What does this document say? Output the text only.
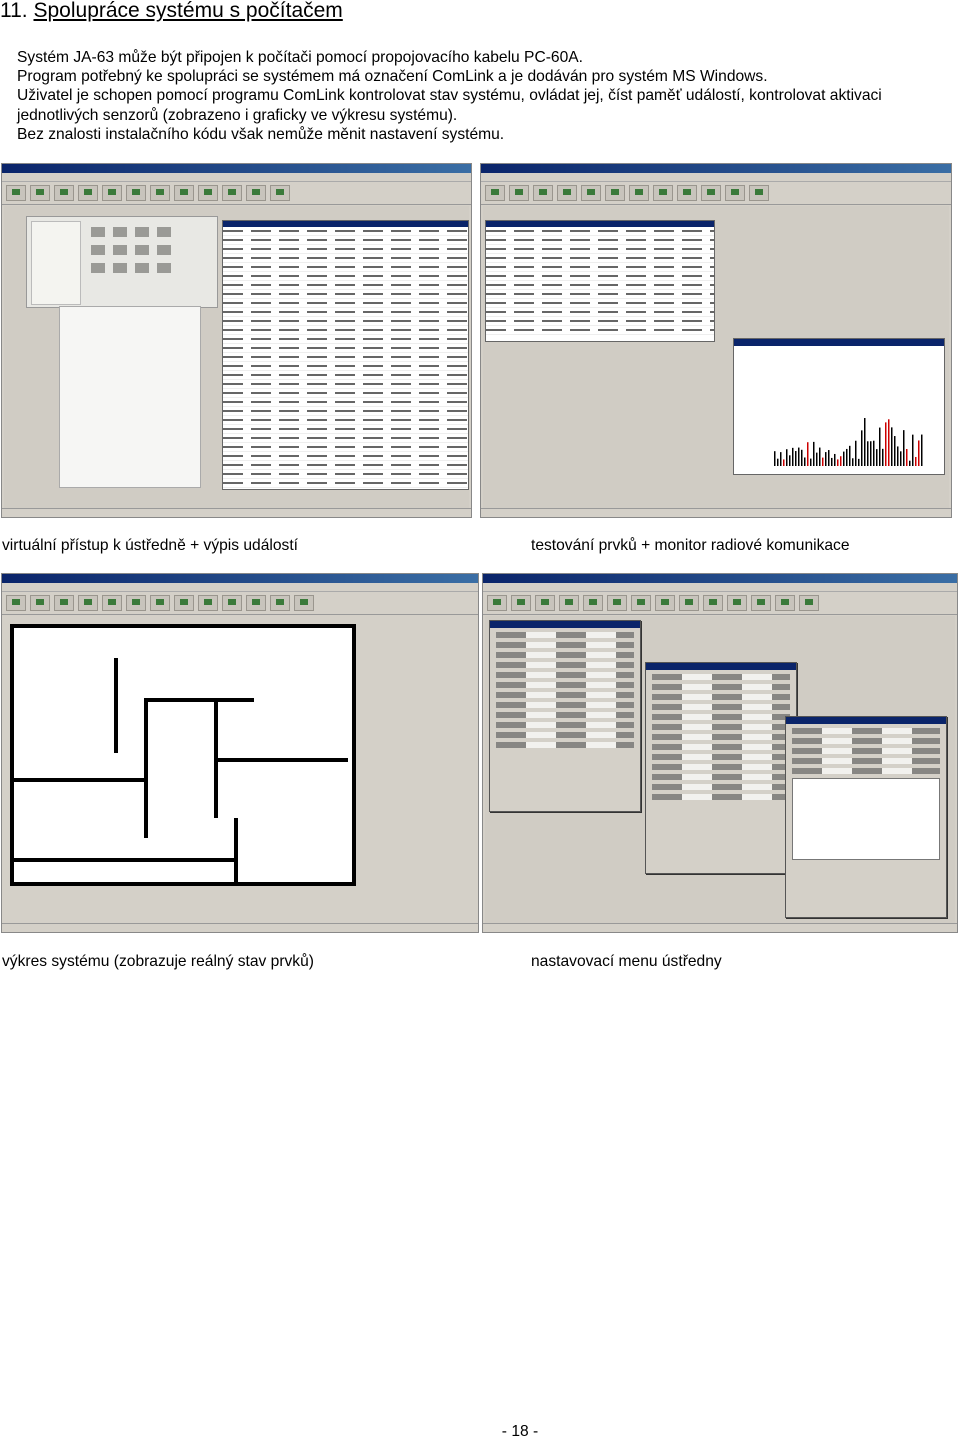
11. Spolupráce systému s počítačem

Systém JA-63 může být připojen k počítači pomocí propojovacího kabelu PC-60A.

Program potřebný ke spolupráci se systémem má označení ComLink a je dodáván pro systém MS Windows.

Uživatel je schopen pomocí programu ComLink kontrolovat stav systému, ovládat jej, číst paměť událostí, kontrolovat aktivaci

jednotlivých senzorů (zobrazeno i graficky ve výkresu systému).

Bez znalosti instalačního kódu však nemůže měnit nastavení systému.

virtuální přístup k ústředně + výpis událostí	testování prvků + monitor radiové komunikace
výkres systému (zobrazuje reálný stav prvků)	nastavovací menu ústředny
- 18 -
